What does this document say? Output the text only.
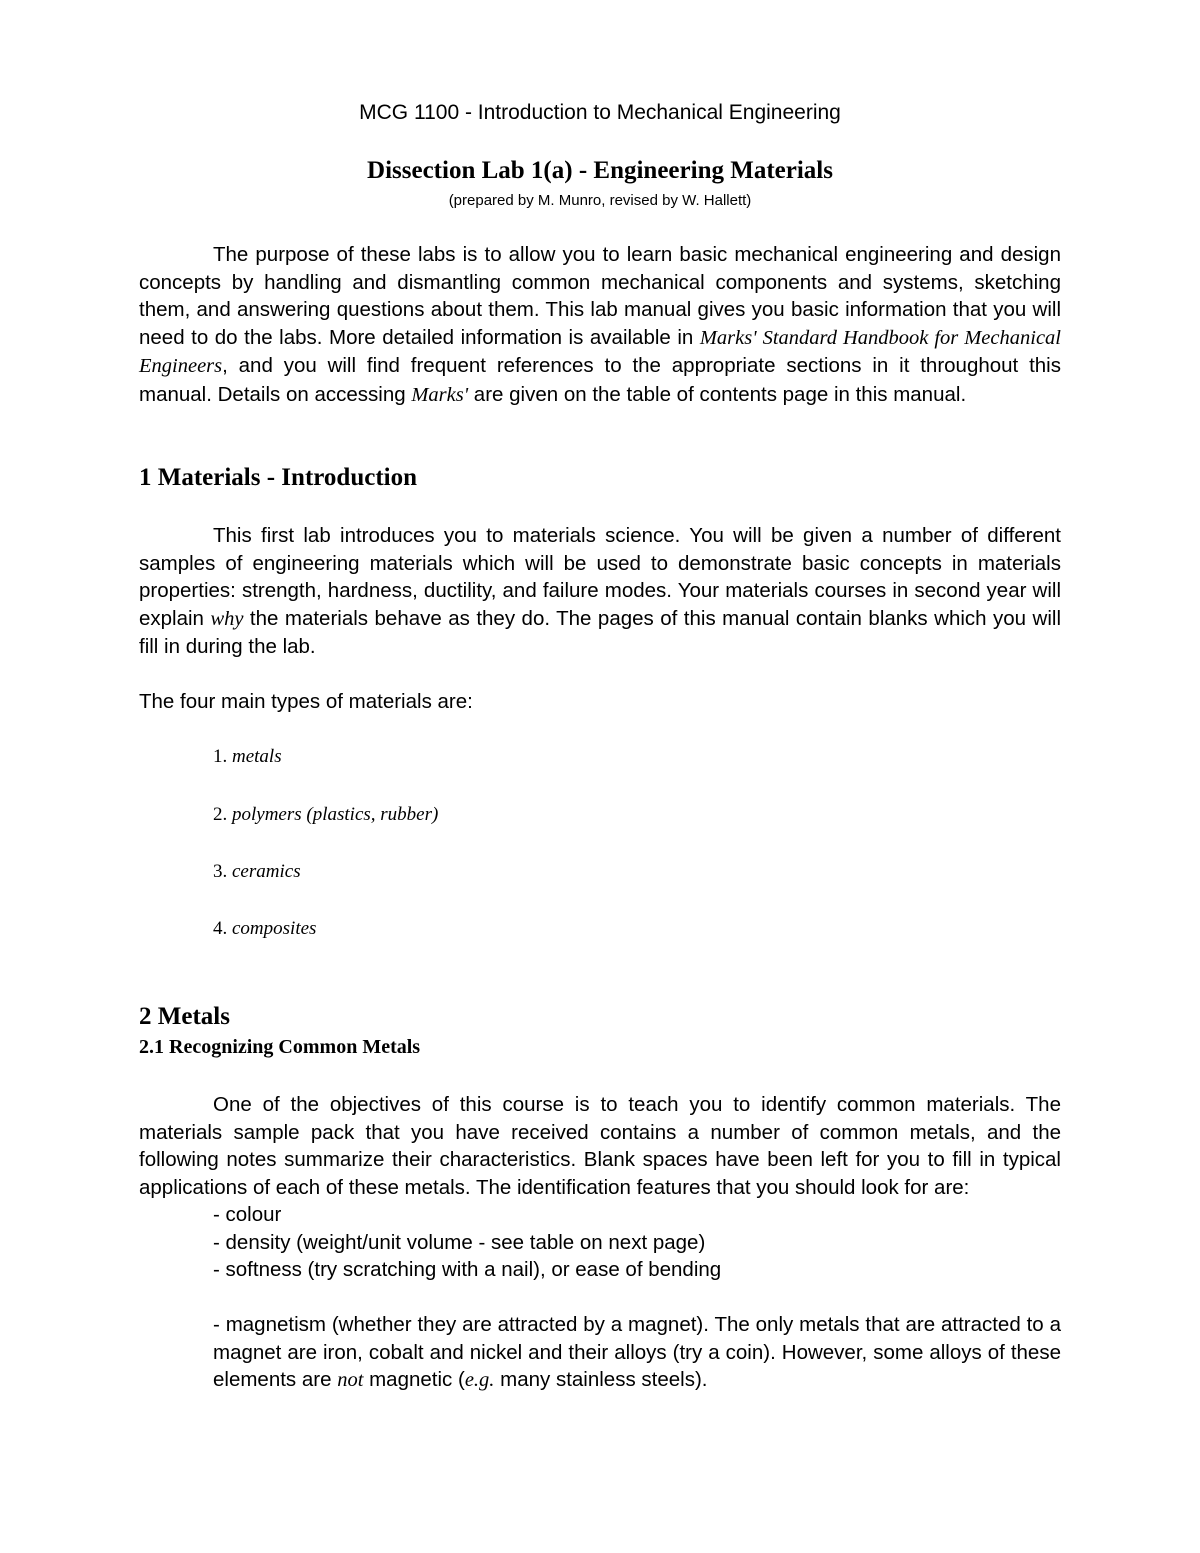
MCG 1100 - Introduction to Mechanical Engineering

Dissection Lab 1(a) - Engineering Materials

(prepared by M. Munro, revised by W. Hallett)

The purpose of these labs is to allow you to learn basic mechanical engineering and design concepts by handling and dismantling common mechanical components and systems, sketching them, and answering questions about them. This lab manual gives you basic information that you will need to do the labs. More detailed information is available in Marks' Standard Handbook for Mechanical Engineers, and you will find frequent references to the appropriate sections in it throughout this manual. Details on accessing Marks' are given on the table of contents page in this manual.

1 Materials - Introduction

This first lab introduces you to materials science. You will be given a number of different samples of engineering materials which will be used to demonstrate basic concepts in materials properties: strength, hardness, ductility, and failure modes. Your materials courses in second year will explain why the materials behave as they do. The pages of this manual contain blanks which you will fill in during the lab.

The four main types of materials are:

1. metals
2. polymers (plastics, rubber)
3. ceramics
4. composites
2 Metals
2.1 Recognizing Common Metals

One of the objectives of this course is to teach you to identify common materials. The materials sample pack that you have received contains a number of common metals, and the following notes summarize their characteristics. Blank spaces have been left for you to fill in typical applications of each of these metals. The identification features that you should look for are:

- colour
- density (weight/unit volume - see table on next page)
- softness (try scratching with a nail), or ease of bending

- magnetism (whether they are attracted by a magnet). The only metals that are attracted to a magnet are iron, cobalt and nickel and their alloys (try a coin). However, some alloys of these elements are not magnetic (e.g. many stainless steels).
